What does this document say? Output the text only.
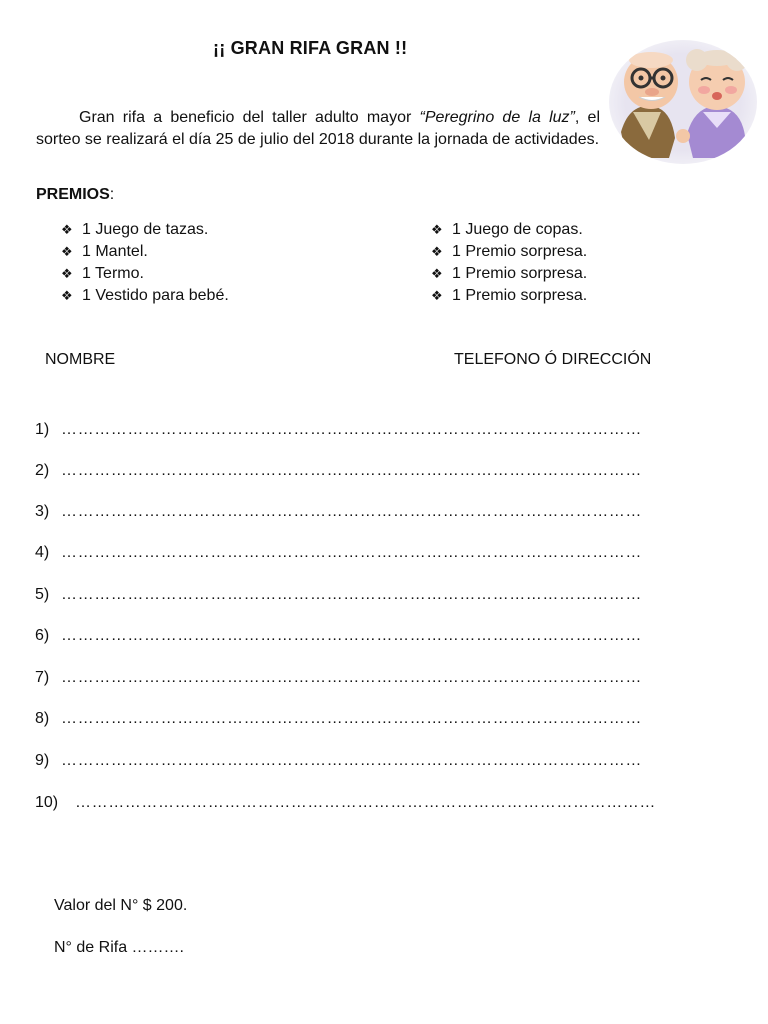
¡¡ GRAN RIFA GRAN !!
Gran rifa a beneficio del taller adulto mayor “Peregrino de la luz”, el sorteo se realizará el día 25 de julio del 2018 durante la jornada de actividades.
PREMIOS:
❖ 1 Juego de tazas.
❖ 1 Mantel.
❖ 1 Termo.
❖ 1 Vestido para bebé.
❖ 1 Juego de copas.
❖ 1 Premio sorpresa.
❖ 1 Premio sorpresa.
❖ 1 Premio sorpresa.
NOMBRE	TELEFONO Ó DIRECCIÓN
1) ……………………………………………………………………………………………
2) ……………………………………………………………………………………………
3) ……………………………………………………………………………………………
4) ……………………………………………………………………………………………
5) ……………………………………………………………………………………………
6) ……………………………………………………………………………………………
7) ……………………………………………………………………………………………
8) ……………………………………………………………………………………………
9) ……………………………………………………………………………………………
10) ……………………………………………………………………………………………
Valor del N° $ 200.
N° de Rifa ……….
